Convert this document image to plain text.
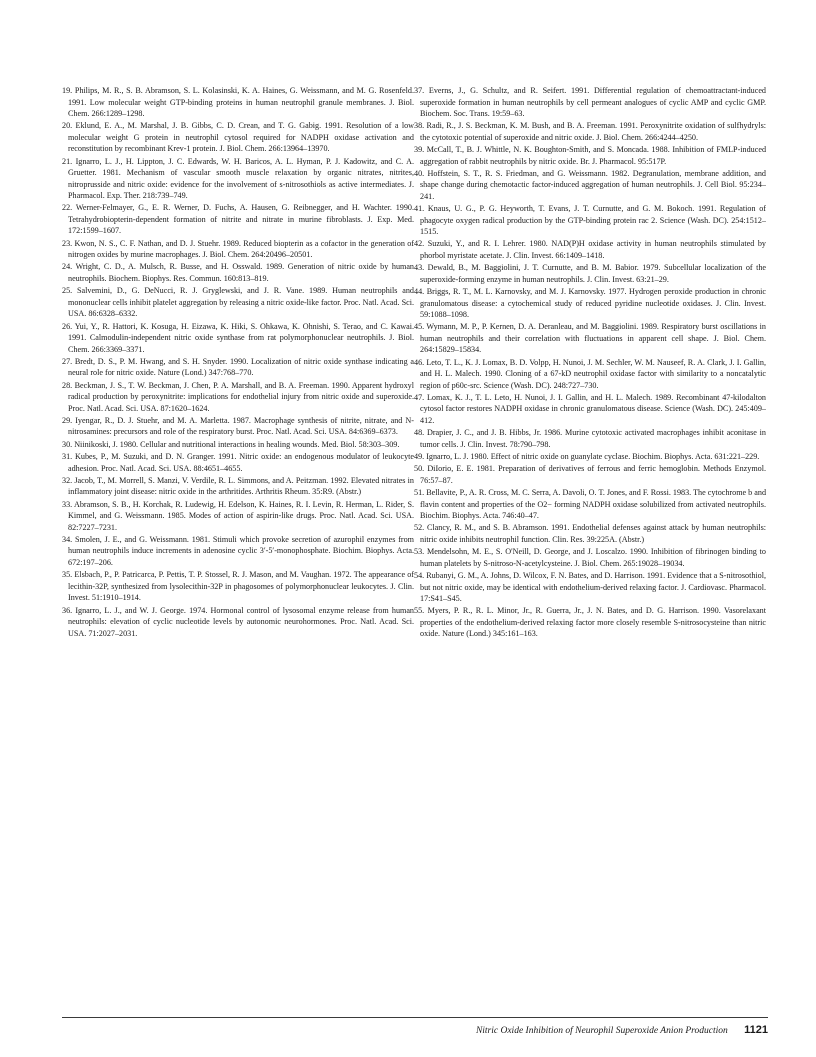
19. Philips, M. R., S. B. Abramson, S. L. Kolasinski, K. A. Haines, G. Weissmann, and M. G. Rosenfeld. 1991. Low molecular weight GTP-binding proteins in human neutrophil granule membranes. J. Biol. Chem. 266:1289–1298.

20. Eklund, E. A., M. Marshal, J. B. Gibbs, C. D. Crean, and T. G. Gabig. 1991. Resolution of a low molecular weight G protein in neutrophil cytosol required for NADPH oxidase activation and reconstitution by recombinant Krev-1 protein. J. Biol. Chem. 266:13964–13970.

21. Ignarro, L. J., H. Lippton, J. C. Edwards, W. H. Baricos, A. L. Hyman, P. J. Kadowitz, and C. A. Gruetter. 1981. Mechanism of vascular smooth muscle relaxation by organic nitrates, nitrites, nitroprusside and nitric oxide: evidence for the involvement of s-nitrosothiols as active intermediates. J. Pharmacol. Exp. Ther. 218:739–749.

22. Werner-Felmayer, G., E. R. Werner, D. Fuchs, A. Hausen, G. Reibnegger, and H. Wachter. 1990. Tetrahydrobiopterin-dependent formation of nitrite and nitrate in murine fibroblasts. J. Exp. Med. 172:1599–1607.

23. Kwon, N. S., C. F. Nathan, and D. J. Stuehr. 1989. Reduced biopterin as a cofactor in the generation of nitrogen oxides by murine macrophages. J. Biol. Chem. 264:20496–20501.

24. Wright, C. D., A. Mulsch, R. Busse, and H. Osswald. 1989. Generation of nitric oxide by human neutrophils. Biochem. Biophys. Res. Commun. 160:813–819.

25. Salvemini, D., G. DeNucci, R. J. Gryglewski, and J. R. Vane. 1989. Human neutrophils and mononuclear cells inhibit platelet aggregation by releasing a nitric oxide-like factor. Proc. Natl. Acad. Sci. USA. 86:6328–6332.

26. Yui, Y., R. Hattori, K. Kosuga, H. Eizawa, K. Hiki, S. Ohkawa, K. Ohnishi, S. Terao, and C. Kawai. 1991. Calmodulin-independent nitric oxide synthase from rat polymorphonuclear neutrophils. J. Biol. Chem. 266:3369–3371.

27. Bredt, D. S., P. M. Hwang, and S. H. Snyder. 1990. Localization of nitric oxide synthase indicating a neural role for nitric oxide. Nature (Lond.) 347:768–770.

28. Beckman, J. S., T. W. Beckman, J. Chen, P. A. Marshall, and B. A. Freeman. 1990. Apparent hydroxyl radical production by peroxynitrite: implications for endothelial injury from nitric oxide and superoxide. Proc. Natl. Acad. Sci. USA. 87:1620–1624.

29. Iyengar, R., D. J. Stuehr, and M. A. Marletta. 1987. Macrophage synthesis of nitrite, nitrate, and N-nitrosamines: precursors and role of the respiratory burst. Proc. Natl. Acad. Sci. USA. 84:6369–6373.

30. Niinikoski, J. 1980. Cellular and nutritional interactions in healing wounds. Med. Biol. 58:303–309.

31. Kubes, P., M. Suzuki, and D. N. Granger. 1991. Nitric oxide: an endogenous modulator of leukocyte adhesion. Proc. Natl. Acad. Sci. USA. 88:4651–4655.

32. Jacob, T., M. Morrell, S. Manzi, V. Verdile, R. L. Simmons, and A. Peitzman. 1992. Elevated nitrates in inflammatory joint disease: nitric oxide in the arthritides. Arthritis Rheum. 35:R9. (Abstr.)

33. Abramson, S. B., H. Korchak, R. Ludewig, H. Edelson, K. Haines, R. I. Levin, R. Herman, L. Rider, S. Kimmel, and G. Weissmann. 1985. Modes of action of aspirin-like drugs. Proc. Natl. Acad. Sci. USA. 82:7227–7231.

34. Smolen, J. E., and G. Weissmann. 1981. Stimuli which provoke secretion of azurophil enzymes from human neutrophils induce increments in adenosine cyclic 3′-5′-monophosphate. Biochim. Biophys. Acta. 672:197–206.

35. Elsbach, P., P. Patricarca, P. Pettis, T. P. Stossel, R. J. Mason, and M. Vaughan. 1972. The appearance of lecithin-32P, synthesized from lysolecithin-32P in phagosomes of polymorphonuclear leukocytes. J. Clin. Invest. 51:1910–1914.

36. Ignarro, L. J., and W. J. George. 1974. Hormonal control of lysosomal enzyme release from human neutrophils: elevation of cyclic nucleotide levels by autonomic neurohormones. Proc. Natl. Acad. Sci. USA. 71:2027–2031.

37. Everns, J., G. Schultz, and R. Seifert. 1991. Differential regulation of chemoattractant-induced superoxide formation in human neutrophils by cell permeant analogues of cyclic AMP and cyclic GMP. Biochem. Soc. Trans. 19:59–63.

38. Radi, R., J. S. Beckman, K. M. Bush, and B. A. Freeman. 1991. Peroxynitrite oxidation of sulfhydryls: the cytotoxic potential of superoxide and nitric oxide. J. Biol. Chem. 266:4244–4250.

39. McCall, T., B. J. Whittle, N. K. Boughton-Smith, and S. Moncada. 1988. Inhibition of FMLP-induced aggregation of rabbit neutrophils by nitric oxide. Br. J. Pharmacol. 95:517P.

40. Hoffstein, S. T., R. S. Friedman, and G. Weissmann. 1982. Degranulation, membrane addition, and shape change during chemotactic factor-induced aggregation of human neutrophils. J. Cell Biol. 95:234–241.

41. Knaus, U. G., P. G. Heyworth, T. Evans, J. T. Curnutte, and G. M. Bokoch. 1991. Regulation of phagocyte oxygen radical production by the GTP-binding protein rac 2. Science (Wash. DC). 254:1512–1515.

42. Suzuki, Y., and R. I. Lehrer. 1980. NAD(P)H oxidase activity in human neutrophils stimulated by phorbol myristate acetate. J. Clin. Invest. 66:1409–1418.

43. Dewald, B., M. Baggiolini, J. T. Curnutte, and B. M. Babior. 1979. Subcellular localization of the superoxide-forming enzyme in human neutrophils. J. Clin. Invest. 63:21–29.

44. Briggs, R. T., M. L. Karnovsky, and M. J. Karnovsky. 1977. Hydrogen peroxide production in chronic granulomatous disease: a cytochemical study of reduced pyridine nucleotide oxidases. J. Clin. Invest. 59:1088–1098.

45. Wymann, M. P., P. Kernen, D. A. Deranleau, and M. Baggiolini. 1989. Respiratory burst oscillations in human neutrophils and their correlation with fluctuations in apparent cell shape. J. Biol. Chem. 264:15829–15834.

46. Leto, T. L., K. J. Lomax, B. D. Volpp, H. Nunoi, J. M. Sechler, W. M. Nauseef, R. A. Clark, J. I. Gallin, and H. L. Malech. 1990. Cloning of a 67-kD neutrophil oxidase factor with similarity to a noncatalytic region of p60c-src. Science (Wash. DC). 248:727–730.

47. Lomax, K. J., T. L. Leto, H. Nunoi, J. I. Gallin, and H. L. Malech. 1989. Recombinant 47-kilodalton cytosol factor restores NADPH oxidase in chronic granulomatous disease. Science (Wash. DC). 245:409–412.

48. Drapier, J. C., and J. B. Hibbs, Jr. 1986. Murine cytotoxic activated macrophages inhibit aconitase in tumor cells. J. Clin. Invest. 78:790–798.

49. Ignarro, L. J. 1980. Effect of nitric oxide on guanylate cyclase. Biochim. Biophys. Acta. 631:221–229.

50. DiIorio, E. E. 1981. Preparation of derivatives of ferrous and ferric hemoglobin. Methods Enzymol. 76:57–87.

51. Bellavite, P., A. R. Cross, M. C. Serra, A. Davoli, O. T. Jones, and F. Rossi. 1983. The cytochrome b and flavin content and properties of the O2− forming NADPH oxidase solubilized from activated neutrophils. Biochim. Biophys. Acta. 746:40–47.

52. Clancy, R. M., and S. B. Abramson. 1991. Endothelial defenses against attack by human neutrophils: nitric oxide inhibits neutrophil function. Clin. Res. 39:225A. (Abstr.)

53. Mendelsohn, M. E., S. O'Neill, D. George, and J. Loscalzo. 1990. Inhibition of fibrinogen binding to human platelets by S-nitroso-N-acetylcysteine. J. Biol. Chem. 265:19028–19034.

54. Rubanyi, G. M., A. Johns, D. Wilcox, F. N. Bates, and D. Harrison. 1991. Evidence that a S-nitrosothiol, but not nitric oxide, may be identical with endothelium-derived relaxing factor. J. Cardiovasc. Pharmacol. 17:S41–S45.

55. Myers, P. R., R. L. Minor, Jr., R. Guerra, Jr., J. N. Bates, and D. G. Harrison. 1990. Vasorelaxant properties of the endothelium-derived relaxing factor more closely resemble S-nitrosocysteine than nitric oxide. Nature (Lond.) 345:161–163.

Nitric Oxide Inhibition of Neurophil Superoxide Anion Production 1121
